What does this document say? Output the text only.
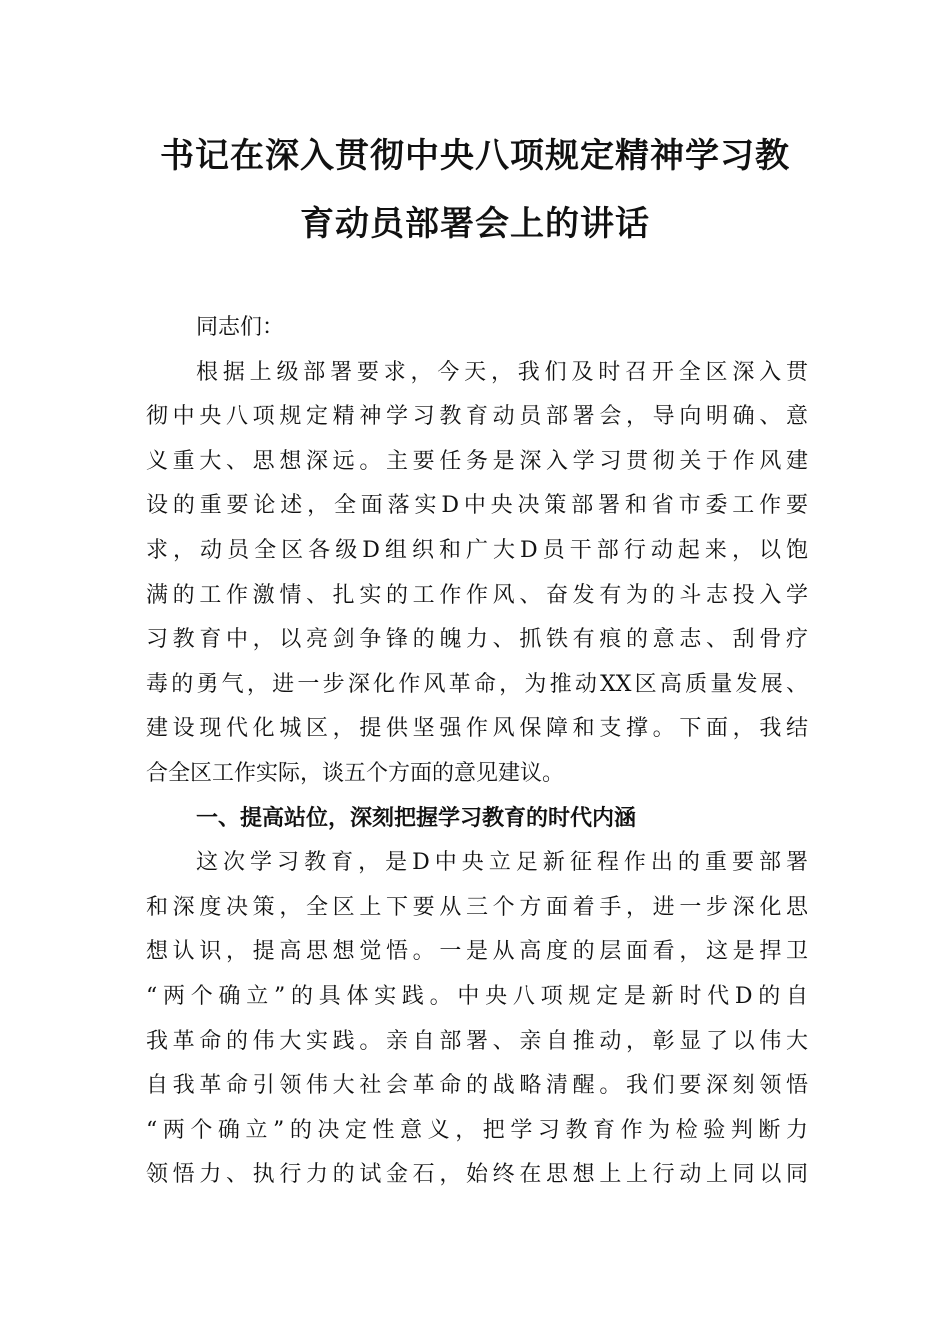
书记在深入贯彻中央八项规定精神学习教
育动员部署会上的讲话
同志们：
根据上级部署要求，今天，我们及时召开全区深入贯
彻中央八项规定精神学习教育动员部署会，导向明确、意
义重大、思想深远。主要任务是深入学习贯彻关于作风建
设的重要论述，全面落实D中央决策部署和省市委工作要
求，动员全区各级D组织和广大D员干部行动起来，以饱
满的工作激情、扎实的工作作风、奋发有为的斗志投入学
习教育中，以亮剑争锋的魄力、抓铁有痕的意志、刮骨疗
毒的勇气，进一步深化作风革命，为推动XX区高质量发展、
建设现代化城区，提供坚强作风保障和支撑。下面，我结
合全区工作实际，谈五个方面的意见建议。
一、提高站位，深刻把握学习教育的时代内涵
这次学习教育，是D中央立足新征程作出的重要部署
和深度决策，全区上下要从三个方面着手，进一步深化思
想认识，提高思想觉悟。一是从高度的层面看，这是捍卫
“两个确立”的具体实践。中央八项规定是新时代D的自
我革命的伟大实践。亲自部署、亲自推动，彰显了以伟大
自我革命引领伟大社会革命的战略清醒。我们要深刻领悟
“两个确立”的决定性意义，把学习教育作为检验判断力
领悟力、执行力的试金石，始终在思想上上行动上同以同
